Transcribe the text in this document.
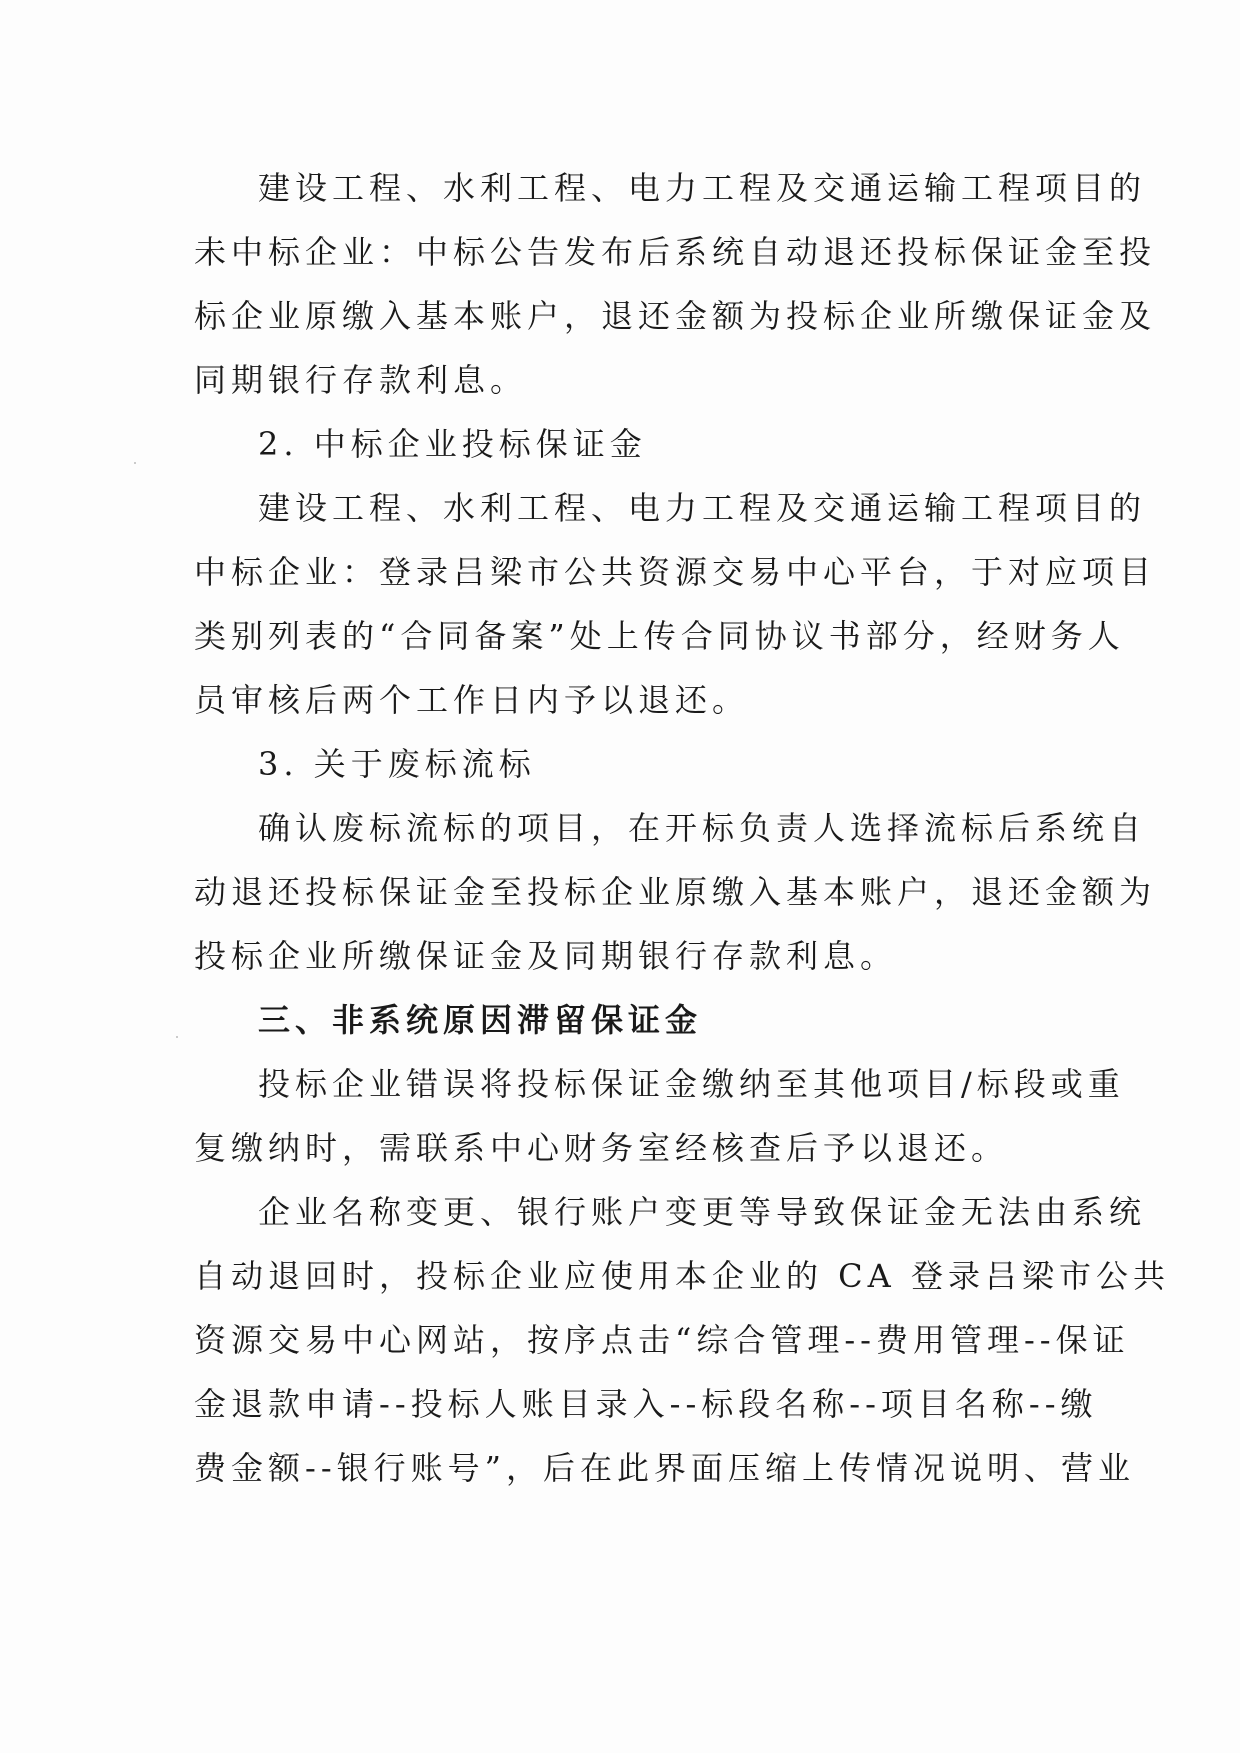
建设工程、水利工程、电力工程及交通运输工程项目的
未中标企业：中标公告发布后系统自动退还投标保证金至投
标企业原缴入基本账户，退还金额为投标企业所缴保证金及
同期银行存款利息。
2. 中标企业投标保证金
建设工程、水利工程、电力工程及交通运输工程项目的
中标企业：登录吕梁市公共资源交易中心平台，于对应项目
类别列表的“合同备案”处上传合同协议书部分，经财务人
员审核后两个工作日内予以退还。
3. 关于废标流标
确认废标流标的项目，在开标负责人选择流标后系统自
动退还投标保证金至投标企业原缴入基本账户，退还金额为
投标企业所缴保证金及同期银行存款利息。
三、非系统原因滞留保证金
投标企业错误将投标保证金缴纳至其他项目/标段或重
复缴纳时，需联系中心财务室经核查后予以退还。
企业名称变更、银行账户变更等导致保证金无法由系统
自动退回时，投标企业应使用本企业的 CA 登录吕梁市公共
资源交易中心网站，按序点击“综合管理--费用管理--保证
金退款申请--投标人账目录入--标段名称--项目名称--缴
费金额--银行账号”，后在此界面压缩上传情况说明、营业
